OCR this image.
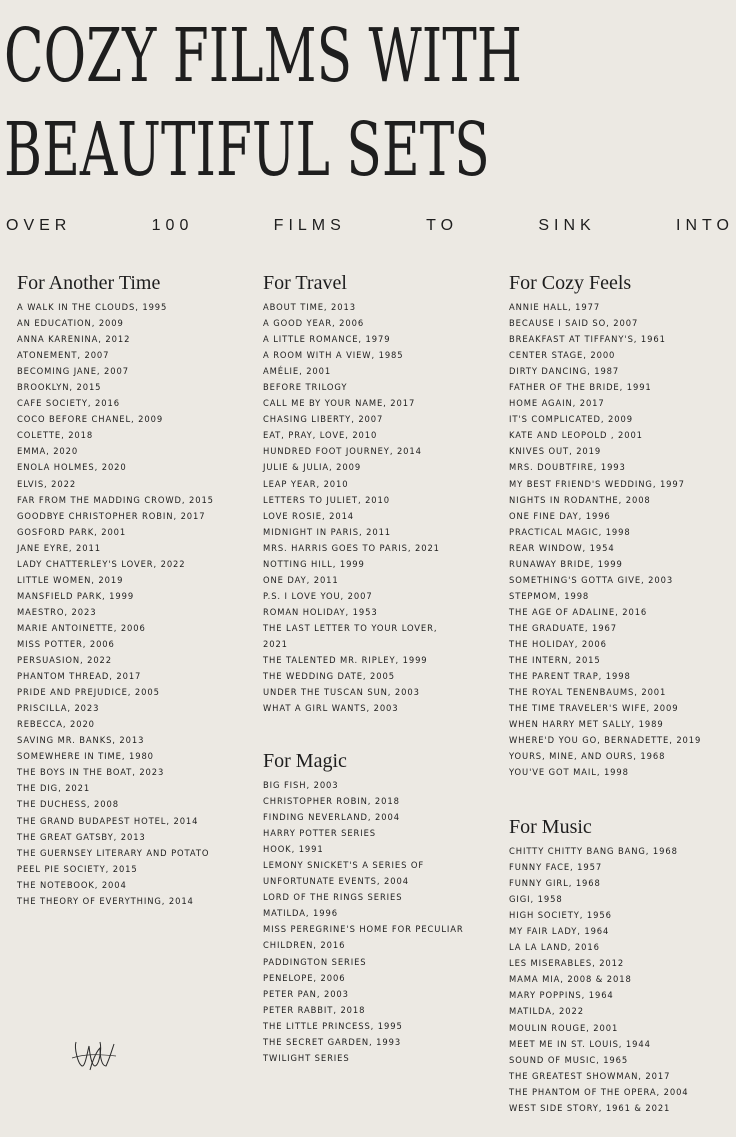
COZY FILMS WITH
BEAUTIFUL SETS
OVER	100	FILMS	TO	SINK	INTO
For Another Time
A WALK IN THE CLOUDS, 1995
AN EDUCATION, 2009
ANNA KARENINA, 2012
ATONEMENT, 2007
BECOMING JANE, 2007
BROOKLYN, 2015
CAFE SOCIETY, 2016
COCO BEFORE CHANEL, 2009
COLETTE, 2018
EMMA, 2020
ENOLA HOLMES, 2020
ELVIS, 2022
FAR FROM THE MADDING CROWD, 2015
GOODBYE CHRISTOPHER ROBIN, 2017
GOSFORD PARK, 2001
JANE EYRE, 2011
LADY CHATTERLEY'S LOVER, 2022
LITTLE WOMEN, 2019
MANSFIELD PARK, 1999
MAESTRO, 2023
MARIE ANTOINETTE, 2006
MISS POTTER, 2006
PERSUASION, 2022
PHANTOM THREAD, 2017
PRIDE AND PREJUDICE, 2005
PRISCILLA, 2023
REBECCA, 2020
SAVING MR. BANKS, 2013
SOMEWHERE IN TIME, 1980
THE BOYS IN THE BOAT, 2023
THE DIG, 2021
THE DUCHESS, 2008
THE GRAND BUDAPEST HOTEL, 2014
THE GREAT GATSBY, 2013
THE GUERNSEY LITERARY AND POTATO
PEEL PIE SOCIETY, 2015
THE NOTEBOOK, 2004
THE THEORY OF EVERYTHING, 2014
For Travel
ABOUT TIME, 2013
A GOOD YEAR, 2006
A LITTLE ROMANCE, 1979
A ROOM WITH A VIEW, 1985
AMÉLIE, 2001
BEFORE TRILOGY
CALL ME BY YOUR NAME, 2017
CHASING LIBERTY, 2007
EAT, PRAY, LOVE, 2010
HUNDRED FOOT JOURNEY, 2014
JULIE & JULIA, 2009
LEAP YEAR, 2010
LETTERS TO JULIET, 2010
LOVE ROSIE, 2014
MIDNIGHT IN PARIS, 2011
MRS. HARRIS GOES TO PARIS, 2021
NOTTING HILL, 1999
ONE DAY, 2011
P.S. I LOVE YOU, 2007
ROMAN HOLIDAY, 1953
THE LAST LETTER TO YOUR LOVER,
2021
THE TALENTED MR. RIPLEY, 1999
THE WEDDING DATE, 2005
UNDER THE TUSCAN SUN, 2003
WHAT A GIRL WANTS, 2003
For Magic
BIG FISH, 2003
CHRISTOPHER ROBIN, 2018
FINDING NEVERLAND, 2004
HARRY POTTER SERIES
HOOK, 1991
LEMONY SNICKET'S A SERIES OF
UNFORTUNATE EVENTS, 2004
LORD OF THE RINGS SERIES
MATILDA, 1996
MISS PEREGRINE'S HOME FOR PECULIAR
CHILDREN, 2016
PADDINGTON SERIES
PENELOPE, 2006
PETER PAN, 2003
PETER RABBIT, 2018
THE LITTLE PRINCESS, 1995
THE SECRET GARDEN, 1993
TWILIGHT SERIES
For Cozy Feels
ANNIE HALL, 1977
BECAUSE I SAID SO, 2007
BREAKFAST AT TIFFANY'S, 1961
CENTER STAGE, 2000
DIRTY DANCING, 1987
FATHER OF THE BRIDE, 1991
HOME AGAIN, 2017
IT'S COMPLICATED, 2009
KATE AND LEOPOLD , 2001
KNIVES OUT, 2019
MRS. DOUBTFIRE, 1993
MY BEST FRIEND'S WEDDING, 1997
NIGHTS IN RODANTHE, 2008
ONE FINE DAY, 1996
PRACTICAL MAGIC, 1998
REAR WINDOW, 1954
RUNAWAY BRIDE, 1999
SOMETHING'S GOTTA GIVE, 2003
STEPMOM, 1998
THE AGE OF ADALINE, 2016
THE GRADUATE, 1967
THE HOLIDAY, 2006
THE INTERN, 2015
THE PARENT TRAP, 1998
THE ROYAL TENENBAUMS, 2001
THE TIME TRAVELER'S WIFE, 2009
WHEN HARRY MET SALLY, 1989
WHERE'D YOU GO, BERNADETTE, 2019
YOURS, MINE, AND OURS, 1968
YOU'VE GOT MAIL, 1998
For Music
CHITTY CHITTY BANG BANG, 1968
FUNNY FACE, 1957
FUNNY GIRL, 1968
GIGI, 1958
HIGH SOCIETY, 1956
MY FAIR LADY, 1964
LA LA LAND, 2016
LES MISERABLES, 2012
MAMA MIA, 2008 & 2018
MARY POPPINS, 1964
MATILDA, 2022
MOULIN ROUGE, 2001
MEET ME IN ST. LOUIS, 1944
SOUND OF MUSIC, 1965
THE GREATEST SHOWMAN, 2017
THE PHANTOM OF THE OPERA, 2004
WEST SIDE STORY, 1961 & 2021
